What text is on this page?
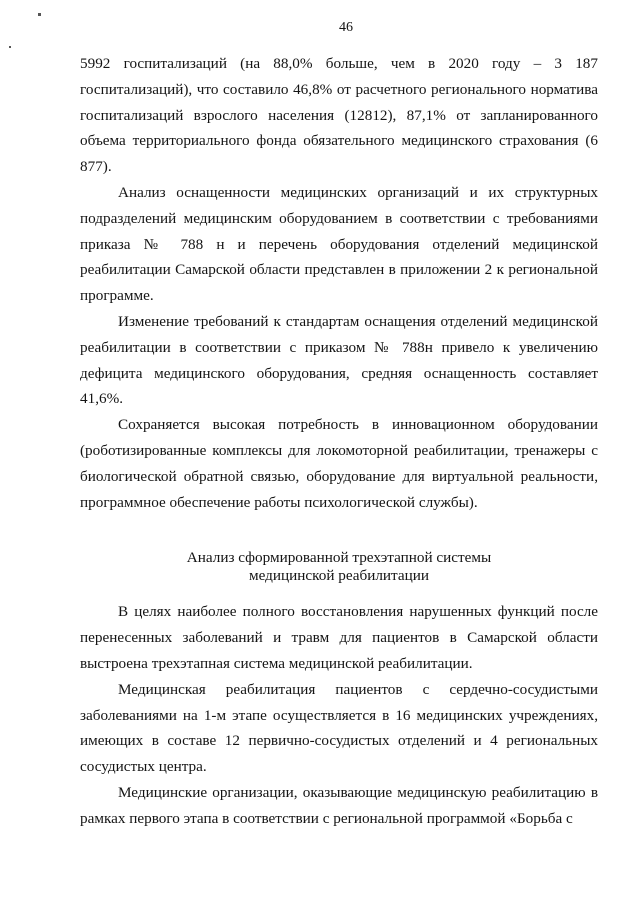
46

5992 госпитализаций (на 88,0% больше, чем в 2020 году – 3 187 госпитализаций), что составило 46,8% от расчетного регионального норматива госпитализаций взрослого населения (12812), 87,1% от запланированного объема территориального фонда обязательного медицинского страхования (6 877).

Анализ оснащенности медицинских организаций и их структурных подразделений медицинским оборудованием в соответствии с требованиями приказа № 788 н и перечень оборудования отделений медицинской реабилитации Самарской области представлен в приложении 2 к региональной программе.

Изменение требований к стандартам оснащения отделений медицинской реабилитации в соответствии с приказом № 788н привело к увеличению дефицита медицинского оборудования, средняя оснащенность составляет 41,6%.

Сохраняется высокая потребность в инновационном оборудовании (роботизированные комплексы для локомоторной реабилитации, тренажеры с биологической обратной связью, оборудование для виртуальной реальности, программное обеспечение работы психологической службы).

Анализ сформированной трехэтапной системы

медицинской реабилитации

В целях наиболее полного восстановления нарушенных функций после перенесенных заболеваний и травм для пациентов в Самарской области выстроена трехэтапная система медицинской реабилитации.

Медицинская реабилитация пациентов с сердечно-сосудистыми заболеваниями на 1-м этапе осуществляется в 16 медицинских учреждениях, имеющих в составе 12 первично-сосудистых отделений и 4 региональных сосудистых центра.

Медицинские организации, оказывающие медицинскую реабилитацию в рамках первого этапа в соответствии с региональной программой «Борьба с
